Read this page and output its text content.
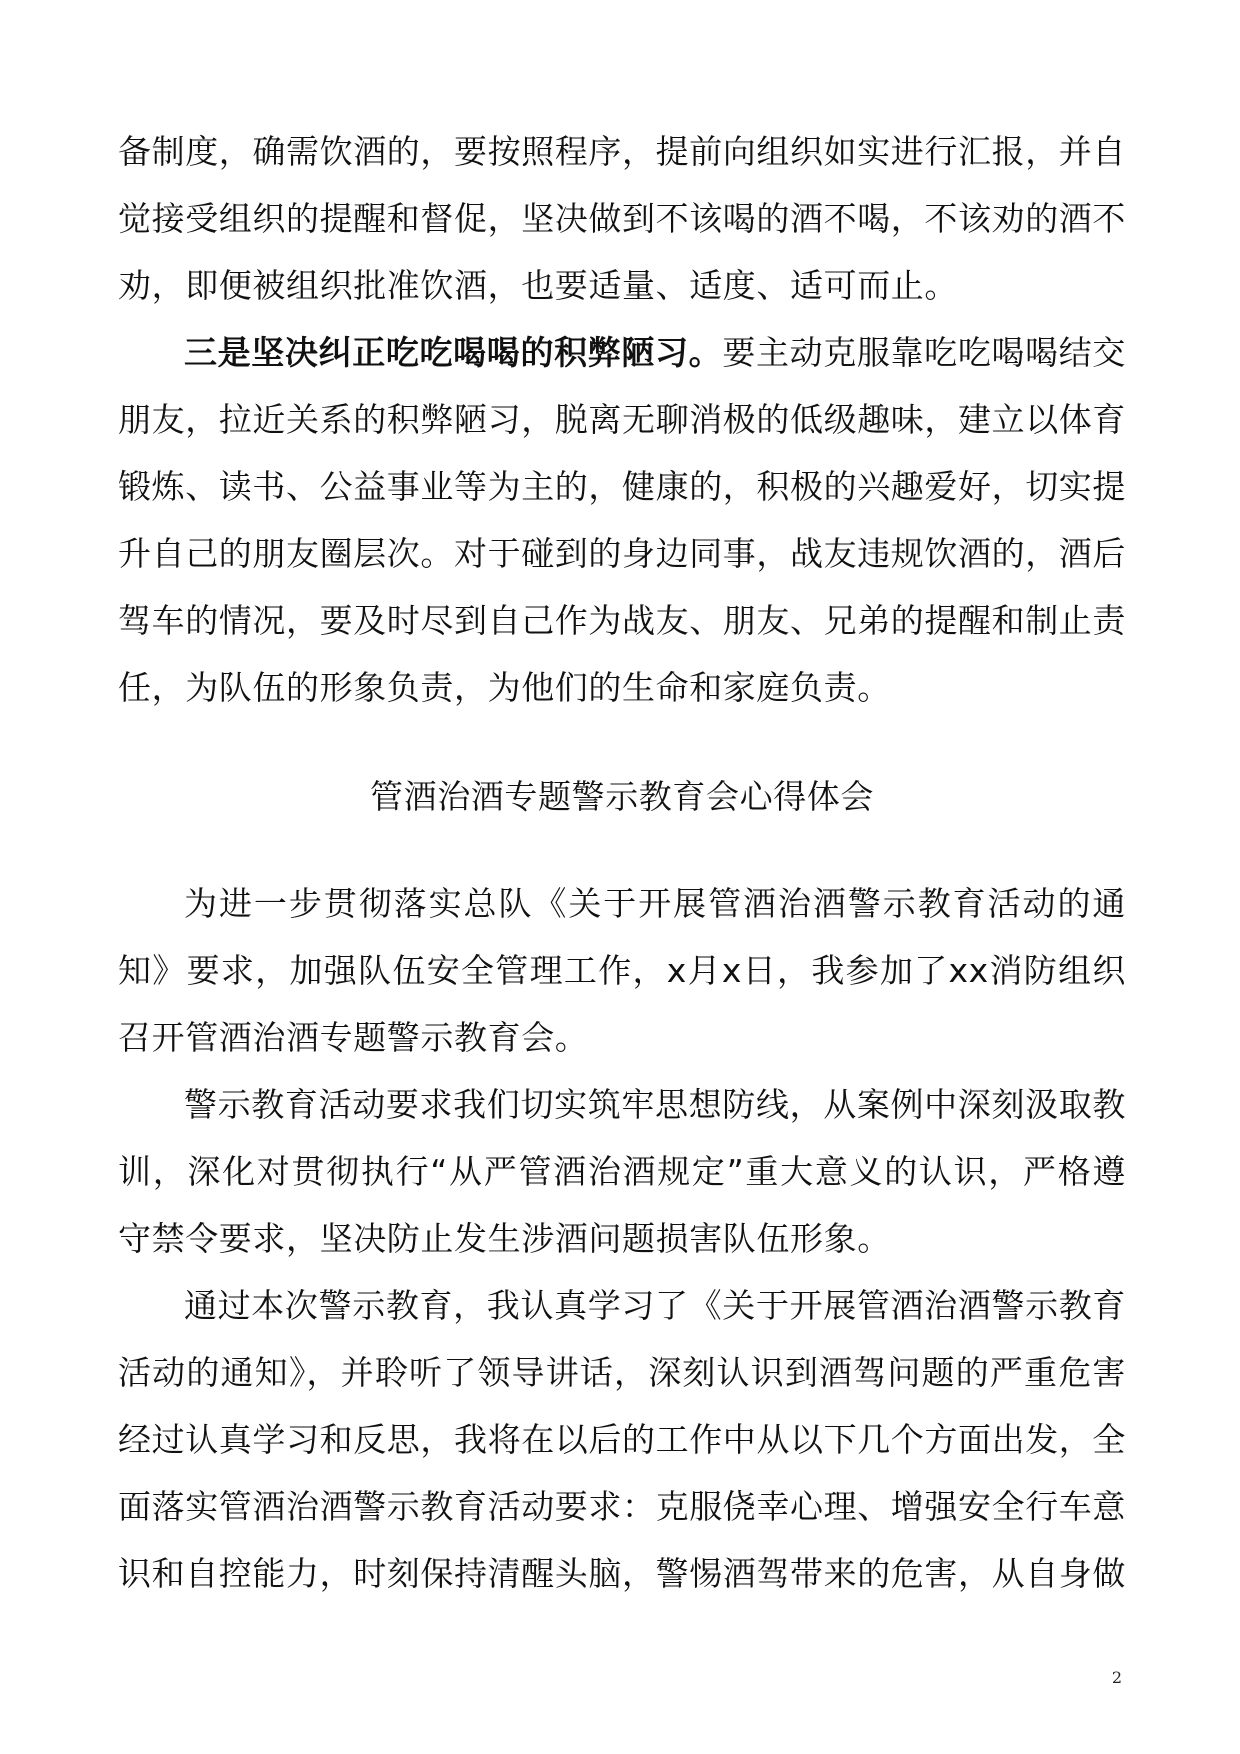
备制度，确需饮酒的，要按照程序，提前向组织如实进行汇报，并自觉接受组织的提醒和督促，坚决做到不该喝的酒不喝，不该劝的酒不劝，即便被组织批准饮酒，也要适量、适度、适可而止。

三是坚决纠正吃吃喝喝的积弊陋习。要主动克服靠吃吃喝喝结交朋友，拉近关系的积弊陋习，脱离无聊消极的低级趣味，建立以体育锻炼、读书、公益事业等为主的，健康的，积极的兴趣爱好，切实提升自己的朋友圈层次。对于碰到的身边同事，战友违规饮酒的，酒后驾车的情况，要及时尽到自己作为战友、朋友、兄弟的提醒和制止责任，为队伍的形象负责，为他们的生命和家庭负责。

管酒治酒专题警示教育会心得体会

为进一步贯彻落实总队《关于开展管酒治酒警示教育活动的通知》要求，加强队伍安全管理工作，x月x日，我参加了xx消防组织召开管酒治酒专题警示教育会。

警示教育活动要求我们切实筑牢思想防线，从案例中深刻汲取教训，深化对贯彻执行“从严管酒治酒规定”重大意义的认识，严格遵守禁令要求，坚决防止发生涉酒问题损害队伍形象。

通过本次警示教育，我认真学习了《关于开展管酒治酒警示教育活动的通知》，并聆听了领导讲话，深刻认识到酒驾问题的严重危害经过认真学习和反思，我将在以后的工作中从以下几个方面出发，全面落实管酒治酒警示教育活动要求：克服侥幸心理、增强安全行车意识和自控能力，时刻保持清醒头脑，警惕酒驾带来的危害，从自身做

2
